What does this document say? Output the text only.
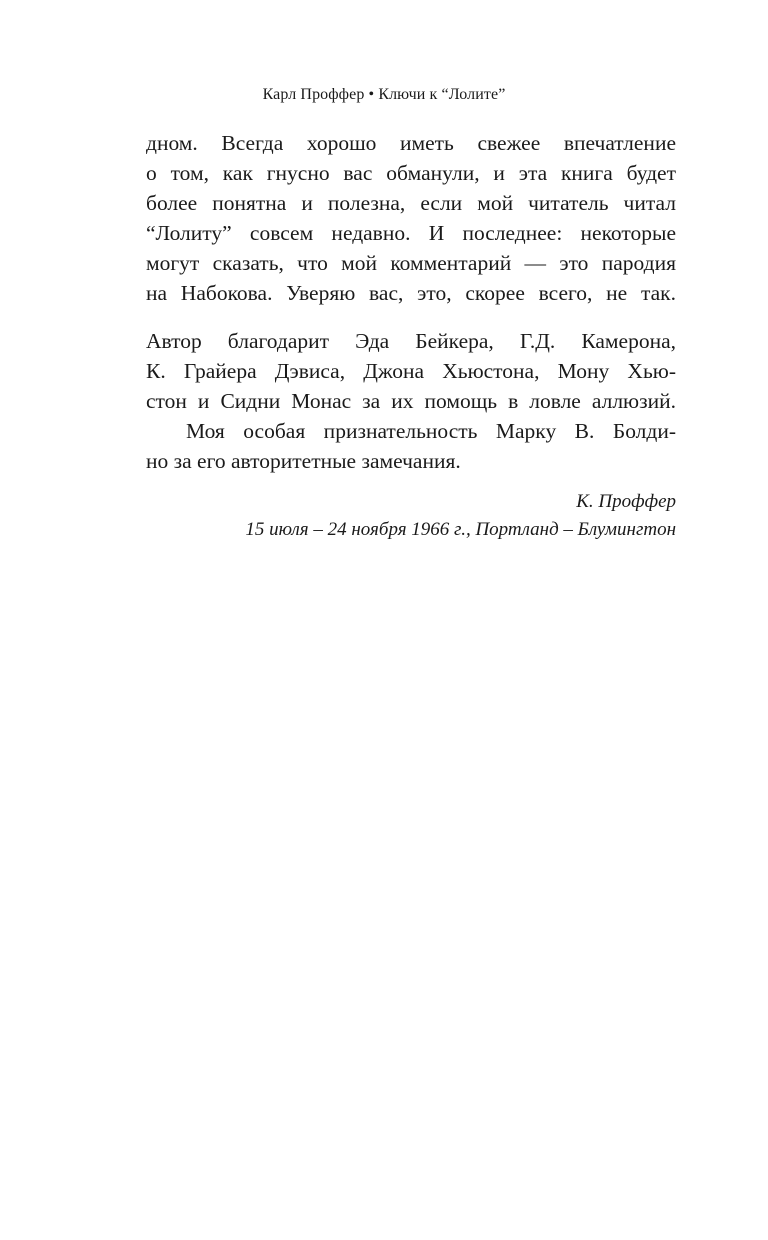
Карл Проффер • Ключи к “Лолите”
дном. Всегда хорошо иметь свежее впечатление
о том, как гнусно вас обманули, и эта книга будет
более понятна и полезна, если мой читатель читал
“Лолиту” совсем недавно. И последнее: некоторые
могут сказать, что мой комментарий — это пародия
на Набокова. Уверяю вас, это, скорее всего, не так.
Автор благодарит Эда Бейкера, Г.Д. Камерона,
К. Грайера Дэвиса, Джона Хьюстона, Мону Хью-
стон и Сидни Монас за их помощь в ловле аллюзий.
Моя особая признательность Марку В. Болди-
но за его авторитетные замечания.
К. Проффер
15 июля – 24 ноября 1966 г., Портланд – Блумингтон
